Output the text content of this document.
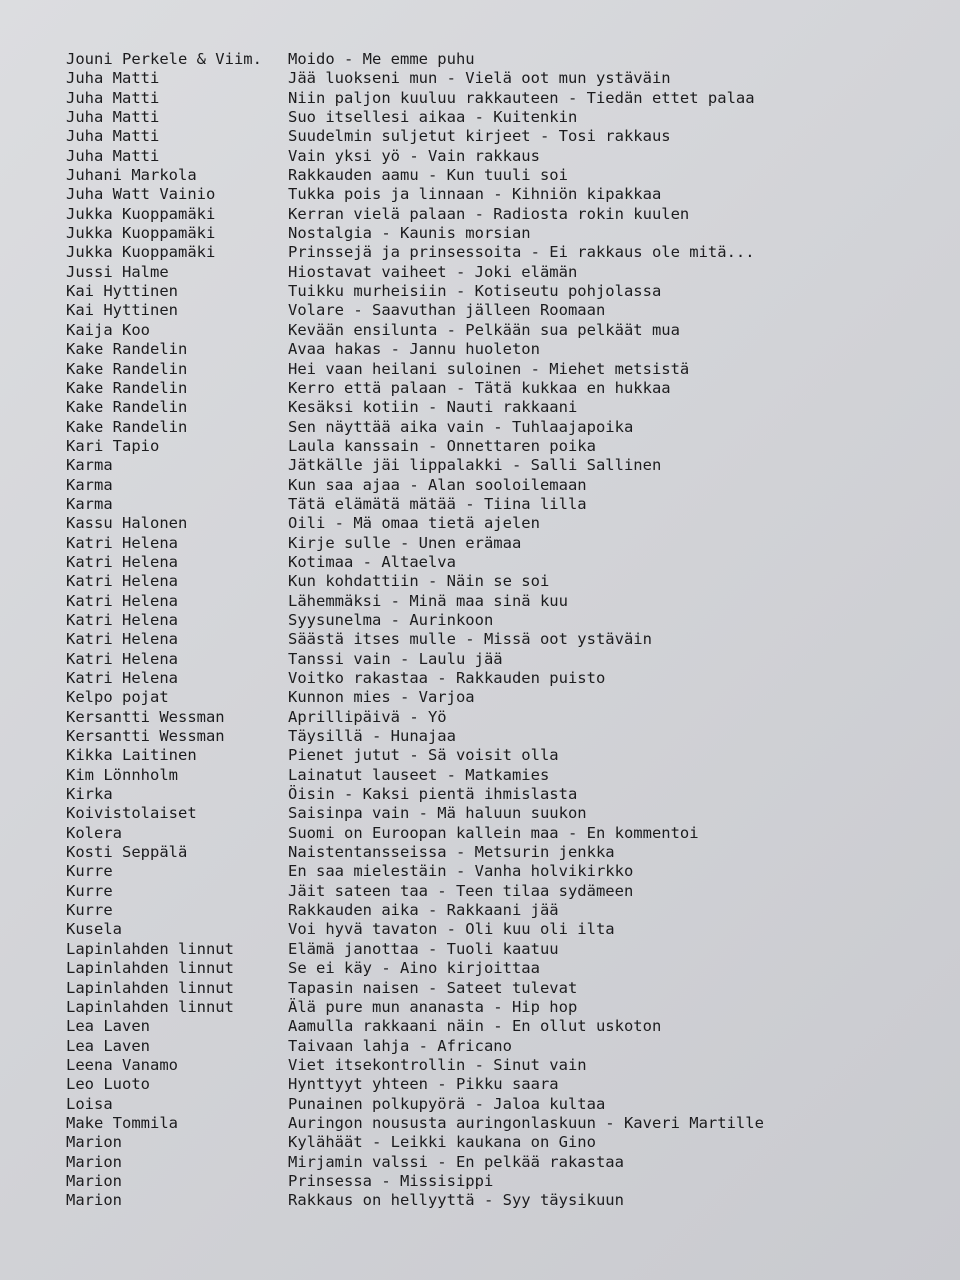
Jouni Perkele & Viim.	Moido - Me emme puhu
Juha Matti	Jää luokseni mun - Vielä oot mun ystäväin
Juha Matti	Niin paljon kuuluu rakkauteen - Tiedän ettet palaa
Juha Matti	Suo itsellesi aikaa - Kuitenkin
Juha Matti	Suudelmin suljetut kirjeet - Tosi rakkaus
Juha Matti	Vain yksi yö - Vain rakkaus
Juhani Markola	Rakkauden aamu - Kun tuuli soi
Juha Watt Vainio	Tukka pois ja linnaan - Kihniön kipakkaa
Jukka Kuoppamäki	Kerran vielä palaan - Radiosta rokin kuulen
Jukka Kuoppamäki	Nostalgia - Kaunis morsian
Jukka Kuoppamäki	Prinssejä ja prinsessoita - Ei rakkaus ole mitä...
Jussi Halme	Hiostavat vaiheet - Joki elämän
Kai Hyttinen	Tuikku murheisiin - Kotiseutu pohjolassa
Kai Hyttinen	Volare - Saavuthan jälleen Roomaan
Kaija Koo	Kevään ensilunta - Pelkään sua pelkäät mua
Kake Randelin	Avaa hakas - Jannu huoleton
Kake Randelin	Hei vaan heilani suloinen - Miehet metsistä
Kake Randelin	Kerro että palaan - Tätä kukkaa en hukkaa
Kake Randelin	Kesäksi kotiin - Nauti rakkaani
Kake Randelin	Sen näyttää aika vain - Tuhlaajapoika
Kari Tapio	Laula kanssain - Onnettaren poika
Karma	Jätkälle jäi lippalakki - Salli Sallinen
Karma	Kun saa ajaa - Alan sooloilemaan
Karma	Tätä elämätä mätää - Tiina lilla
Kassu Halonen	Oili - Mä omaa tietä ajelen
Katri Helena	Kirje sulle - Unen erämaa
Katri Helena	Kotimaa - Altaelva
Katri Helena	Kun kohdattiin - Näin se soi
Katri Helena	Lähemmäksi - Minä maa sinä kuu
Katri Helena	Syysunelma - Aurinkoon
Katri Helena	Säästä itses mulle - Missä oot ystäväin
Katri Helena	Tanssi vain - Laulu jää
Katri Helena	Voitko rakastaa - Rakkauden puisto
Kelpo pojat	Kunnon mies - Varjoa
Kersantti Wessman	Aprillipäivä - Yö
Kersantti Wessman	Täysillä - Hunajaa
Kikka Laitinen	Pienet jutut - Sä voisit olla
Kim Lönnholm	Lainatut lauseet - Matkamies
Kirka	Öisin - Kaksi pientä ihmislasta
Koivistolaiset	Saisinpa vain - Mä haluun suukon
Kolera	Suomi on Euroopan kallein maa - En kommentoi
Kosti Seppälä	Naistentansseissa - Metsurin jenkka
Kurre	En saa mielestäin - Vanha holvikirkko
Kurre	Jäit sateen taa - Teen tilaa sydämeen
Kurre	Rakkauden aika - Rakkaani jää
Kusela	Voi hyvä tavaton - Oli kuu oli ilta
Lapinlahden linnut	Elämä janottaa - Tuoli kaatuu
Lapinlahden linnut	Se ei käy - Aino kirjoittaa
Lapinlahden linnut	Tapasin naisen - Sateet tulevat
Lapinlahden linnut	Älä pure mun ananasta - Hip hop
Lea Laven	Aamulla rakkaani näin - En ollut uskoton
Lea Laven	Taivaan lahja - Africano
Leena Vanamo	Viet itsekontrollin - Sinut vain
Leo Luoto	Hynttyyt yhteen - Pikku saara
Loisa	Punainen polkupyörä - Jaloa kultaa
Make Tommila	Auringon noususta auringonlaskuun - Kaveri Martille
Marion	Kylähäät - Leikki kaukana on Gino
Marion	Mirjamin valssi - En pelkää rakastaa
Marion	Prinsessa - Missisippi
Marion	Rakkaus on hellyyttä - Syy täysikuun
